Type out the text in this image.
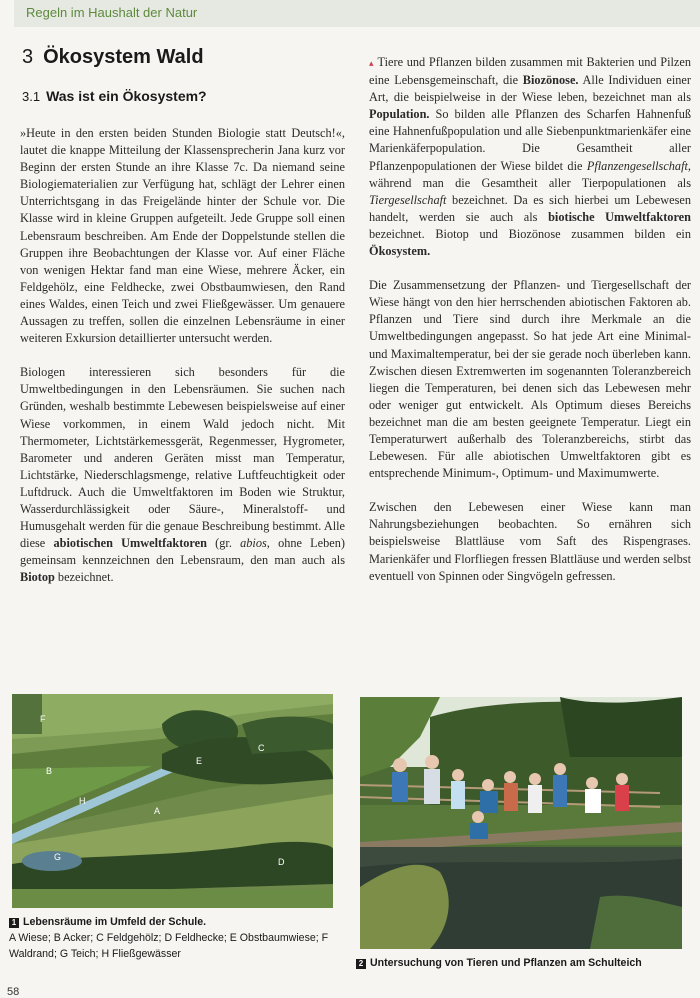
Regeln im Haushalt der Natur
3 Ökosystem Wald
3.1 Was ist ein Ökosystem?

»Heute in den ersten beiden Stunden Biologie statt Deutsch!«, lautet die knappe Mitteilung der Klassensprecherin Jana kurz vor Beginn der ersten Stunde an ihre Klasse 7c. Da niemand seine Biologiematerialien zur Verfügung hat, schlägt der Lehrer einen Unterrichtsgang in das Freigelände hinter der Schule vor. Die Klasse wird in kleine Gruppen aufgeteilt. Jede Gruppe soll einen Lebensraum beschreiben. Am Ende der Doppelstunde stellen die Gruppen ihre Beobachtungen der Klasse vor. Auf einer Fläche von wenigen Hektar fand man eine Wiese, mehrere Äcker, ein Feldgehölz, eine Feldhecke, zwei Obstbaumwiesen, den Rand eines Waldes, einen Teich und zwei Fließgewässer. Um genauere Aussagen zu treffen, sollen die einzelnen Lebensräume in einer weiteren Exkursion detaillierter untersucht werden.

Biologen interessieren sich besonders für die Umweltbedingungen in den Lebensräumen. Sie suchen nach Gründen, weshalb bestimmte Lebewesen beispielsweise auf einer Wiese vorkommen, in einem Wald jedoch nicht. Mit Thermometer, Lichtstärkemessgerät, Regenmesser, Hygrometer, Barometer und anderen Geräten misst man Temperatur, Lichtstärke, Niederschlagsmenge, relative Luftfeuchtigkeit oder Luftdruck. Auch die Umweltfaktoren im Boden wie Struktur, Wasserdurchlässigkeit oder Säure-, Mineralstoff- und Humusgehalt werden für die genaue Beschreibung bestimmt. Alle diese abiotischen Umweltfaktoren (gr. abios, ohne Leben) gemeinsam kennzeichnen den Lebensraum, den man auch als Biotop bezeichnet.

▴ Tiere und Pflanzen bilden zusammen mit Bakterien und Pilzen eine Lebensgemeinschaft, die Biozönose. Alle Individuen einer Art, die beispielweise in der Wiese leben, bezeichnet man als Population. So bilden alle Pflanzen des Scharfen Hahnenfuß eine Hahnenfußpopulation und alle Siebenpunktmarienkäfer eine Marienkäferpopulation. Die Gesamtheit aller Pflanzenpopulationen der Wiese bildet die Pflanzengesellschaft, während man die Gesamtheit aller Tierpopulationen als Tiergesellschaft bezeichnet. Da es sich hierbei um Lebewesen handelt, werden sie auch als biotische Umweltfaktoren bezeichnet. Biotop und Biozönose zusammen bilden ein Ökosystem.

Die Zusammensetzung der Pflanzen- und Tiergesellschaft der Wiese hängt von den hier herrschenden abiotischen Faktoren ab. Pflanzen und Tiere sind durch ihre Merkmale an die Umweltbedingungen angepasst. So hat jede Art eine Minimal- und Maximaltemperatur, bei der sie gerade noch überleben kann. Zwischen diesen Extremwerten im sogenannten Toleranzbereich liegen die Temperaturen, bei denen sich das Lebewesen mehr oder weniger gut entwickelt. Als Optimum dieses Bereichs bezeichnet man die am besten geeignete Temperatur. Liegt ein Temperaturwert außerhalb des Toleranzbereichs, stirbt das Lebewesen. Für alle abiotischen Umweltfaktoren gibt es entsprechende Minimum-, Optimum- und Maximumwerte.

Zwischen den Lebewesen einer Wiese kann man Nahrungsbeziehungen beobachten. So ernähren sich beispielsweise Blattläuse vom Saft des Rispengrases. Marienkäfer und Florfliegen fressen Blattläuse und werden selbst eventuell von Spinnen oder Singvögeln gefressen.

F
B
C
E
H
A
G	D
1 Lebensräume im Umfeld der Schule.
A Wiese; B Acker; C Feldgehölz; D Feldhecke; E Obstbaumwiese; F Waldrand; G Teich; H Fließgewässer
2 Untersuchung von Tieren und Pflanzen am Schulteich
58
